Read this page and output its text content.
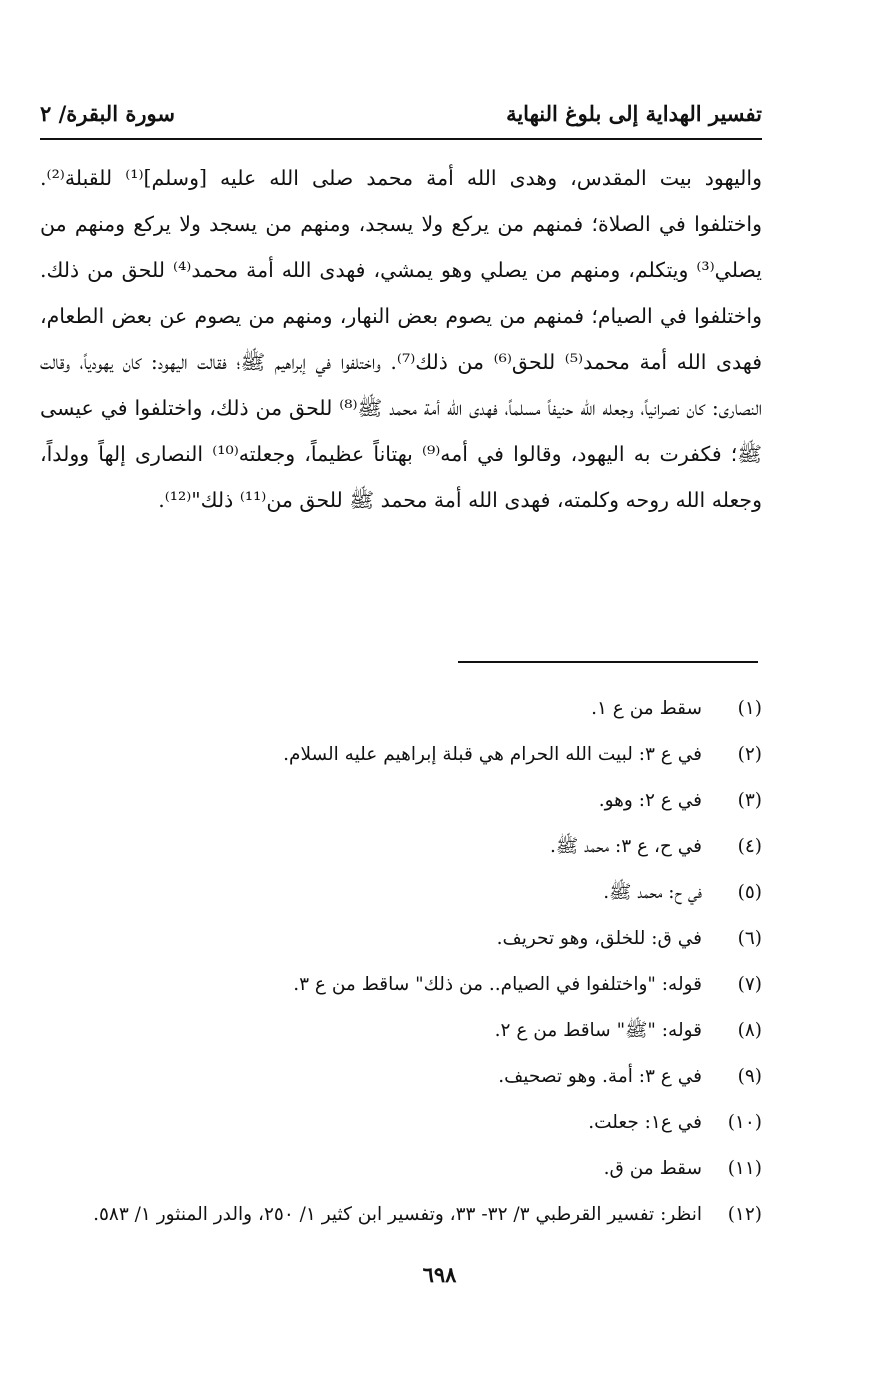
تفسير الهداية إلى بلوغ النهاية
سورة البقرة/ ٢

واليهود بيت المقدس، وهدى الله أمة محمد صلى الله عليه [وسلم]⁽¹⁾ للقبلة⁽²⁾. واختلفوا في الصلاة؛ فمنهم من يركع ولا يسجد، ومنهم من يسجد ولا يركع ومنهم من يصلي⁽³⁾ ويتكلم، ومنهم من يصلي وهو يمشي، فهدى الله أمة محمد⁽⁴⁾ للحق من ذلك. واختلفوا في الصيام؛ فمنهم من يصوم بعض النهار، ومنهم من يصوم عن بعض الطعام، فهدى الله أمة محمد⁽⁵⁾ للحق⁽⁶⁾ من ذلك⁽⁷⁾. واختلفوا في إبراهيم ﷺ؛ فقالت اليهود: كان يهودياً، وقالت النصارى: كان نصرانياً، وجعله الله حنيفاً مسلماً، فهدى الله أمة محمد ﷺ⁽⁸⁾ للحق من ذلك، واختلفوا في عيسى ﷺ؛ فكفرت به اليهود، وقالوا في أمه⁽⁹⁾ بهتاناً عظيماً، وجعلته⁽¹⁰⁾ النصارى إلهاً وولداً، وجعله الله روحه وكلمته، فهدى الله أمة محمد ﷺ للحق من⁽¹¹⁾ ذلك"⁽¹²⁾.

(١)
سقط من ع ١.
(٢)
في ع ٣: لبيت الله الحرام هي قبلة إبراهيم عليه السلام.
(٣)
في ع ٢: وهو.
(٤)
في ح، ع ٣: محمد ﷺ.
(٥)
في ح: محمد ﷺ.
(٦)
في ق: للخلق، وهو تحريف.
(٧)
قوله: "واختلفوا في الصيام.. من ذلك" ساقط من ع ٣.
(٨)
قوله: "ﷺ" ساقط من ع ٢.
(٩)
في ع ٣: أمة. وهو تصحيف.
(١٠)
في ع١: جعلت.
(١١)
سقط من ق.
(١٢)
انظر: تفسير القرطبي ٣/ ٣٢- ٣٣، وتفسير ابن كثير ١/ ٢٥٠، والدر المنثور ١/ ٥٨٣.
٦٩٨
